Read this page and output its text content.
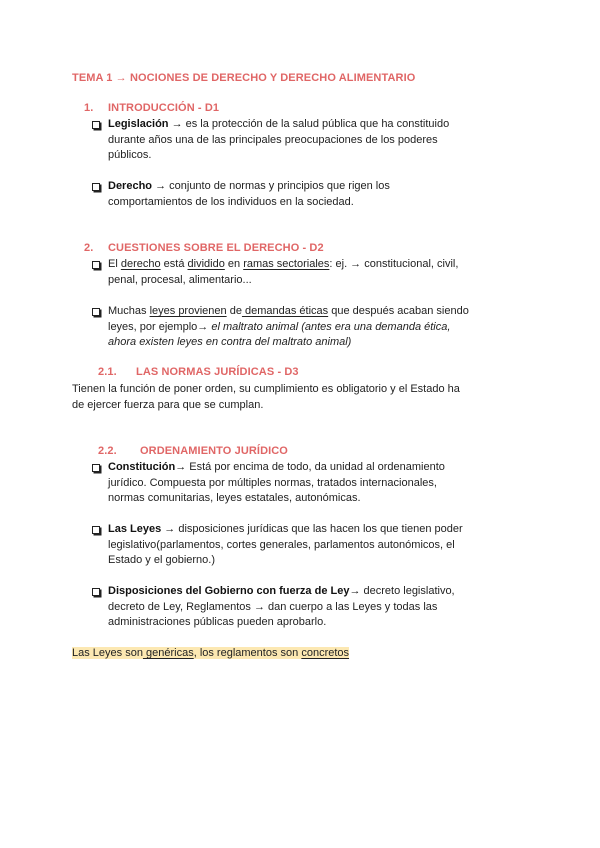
TEMA 1 → NOCIONES DE DERECHO Y DERECHO ALIMENTARIO
1. INTRODUCCIÓN - D1
Legislación → es la protección de la salud pública que ha constituido
durante años una de las principales preocupaciones de los poderes
públicos.
Derecho → conjunto de normas y principios que rigen los
comportamientos de los individuos en la sociedad.
2. CUESTIONES SOBRE EL DERECHO - D2
El derecho está dividido en ramas sectoriales: ej. → constitucional, civil,
penal, procesal, alimentario...
Muchas leyes provienen de demandas éticas que después acaban siendo
leyes, por ejemplo→ el maltrato animal (antes era una demanda ética,
ahora existen leyes en contra del maltrato animal)
2.1. LAS NORMAS JURÍDICAS - D3
Tienen la función de poner orden, su cumplimiento es obligatorio y el Estado ha
de ejercer fuerza para que se cumplan.
2.2. ORDENAMIENTO JURÍDICO
Constitución→ Está por encima de todo, da unidad al ordenamiento
jurídico. Compuesta por múltiples normas, tratados internacionales,
normas comunitarias, leyes estatales, autonómicas.
Las Leyes → disposiciones jurídicas que las hacen los que tienen poder
legislativo(parlamentos, cortes generales, parlamentos autonómicos, el
Estado y el gobierno.)
Disposiciones del Gobierno con fuerza de Ley→ decreto legislativo,
decreto de Ley, Reglamentos → dan cuerpo a las Leyes y todas las
administraciones públicas pueden aprobarlo.
Las Leyes son genéricas, los reglamentos son concretos
